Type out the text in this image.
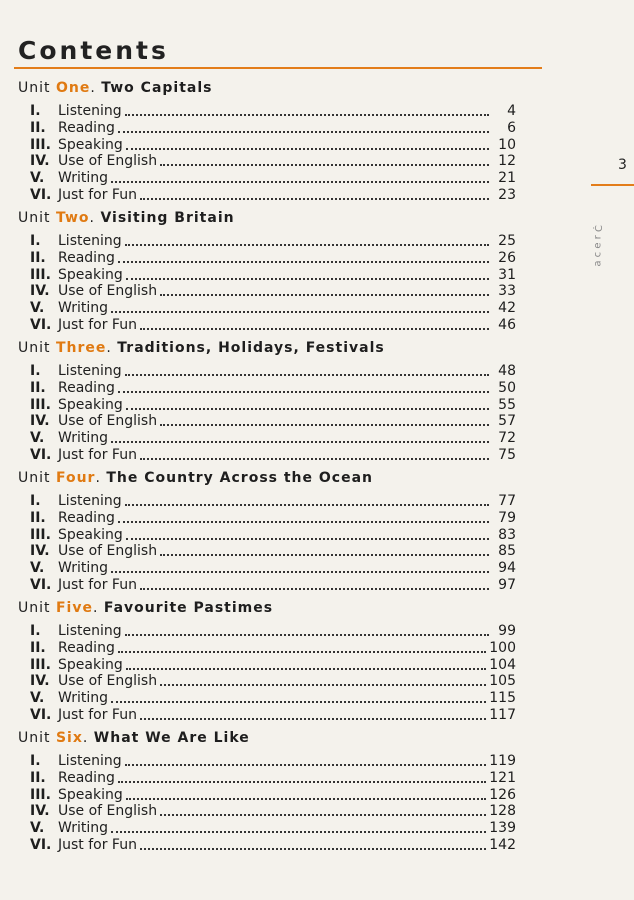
Contents
3
Ɔ̣ ɹ ǝ ɔ ɐ
Unit One. Two Capitals
I.	Listening	4
II. Reading	6
III. Speaking	10
IV. Use of English	12
V. Writing	21
VI. Just for Fun	23
Unit Two. Visiting Britain
I.	Listening	25
II. Reading	26
III. Speaking	31
IV. Use of English	33
V. Writing	42
VI. Just for Fun	46
Unit Three. Traditions, Holidays, Festivals
I.	Listening	48
II. Reading	50
III. Speaking	55
IV. Use of English	57
V. Writing	72
VI. Just for Fun	75
Unit Four. The Country Across the Ocean
I.	Listening	77
II. Reading	79
III. Speaking	83
IV. Use of English	85
V. Writing	94
VI. Just for Fun	97
Unit Five. Favourite Pastimes
I.	Listening	99
II. Reading	100
III. Speaking	104
IV. Use of English	105
V. Writing	115
VI. Just for Fun	117
Unit Six. What We Are Like
I.	Listening	119
II. Reading	121
III. Speaking	126
IV. Use of English	128
V. Writing	139
VI. Just for Fun	142
